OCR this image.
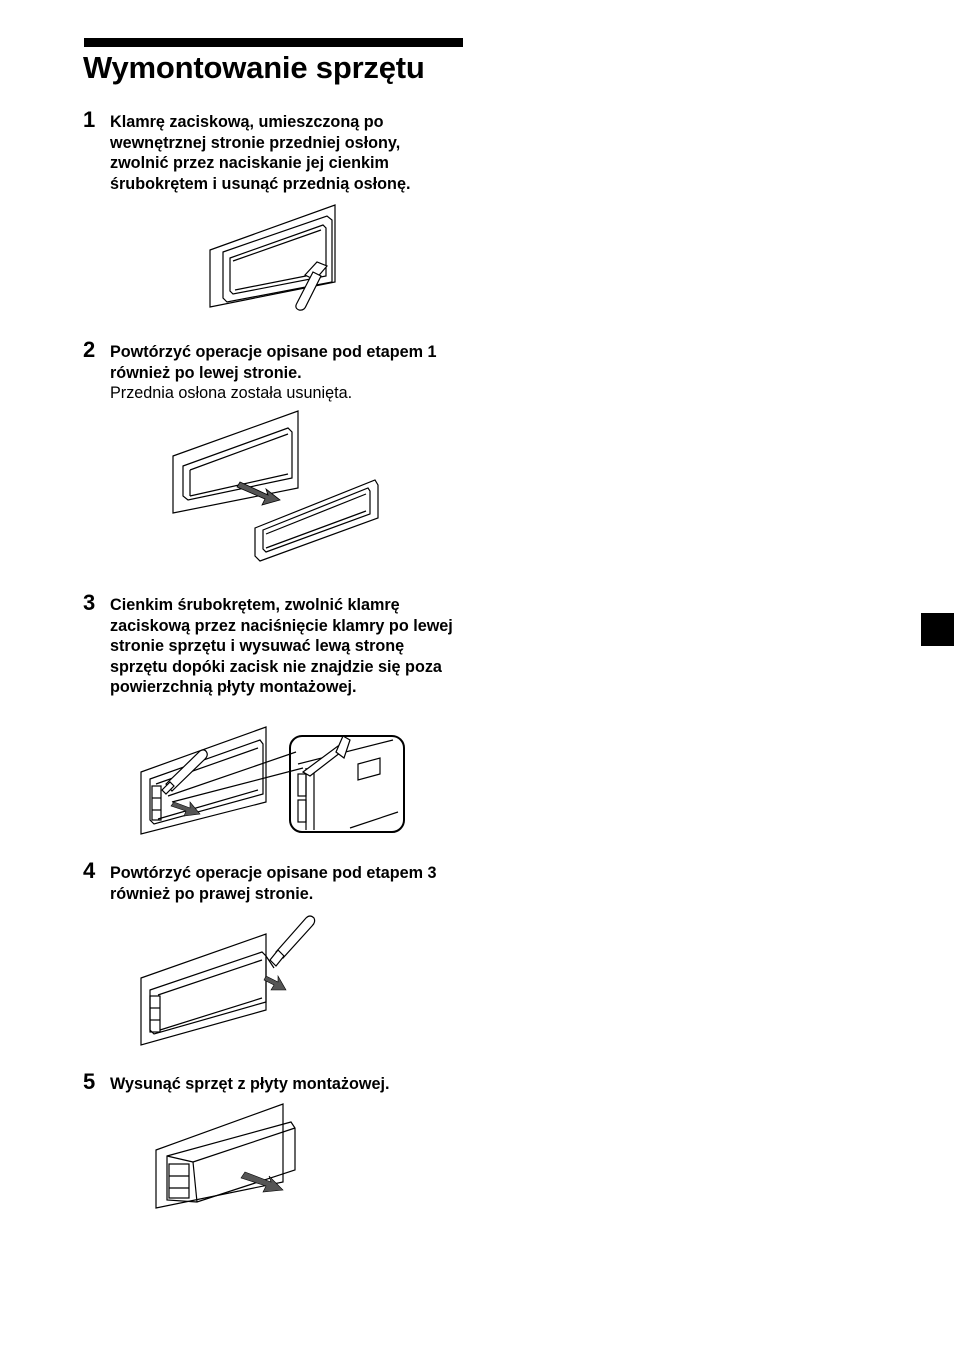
Wymontowanie sprzętu
1 Klamrę zaciskową, umieszczoną po wewnętrznej stronie przedniej osłony, zwolnić przez naciskanie jej cienkim śrubokrętem i usunąć przednią osłonę.
2 Powtórzyć operacje opisane pod etapem 1 również po lewej stronie.
Przednia osłona została usunięta.
3 Cienkim śrubokrętem, zwolnić klamrę zaciskową przez naciśnięcie klamry po lewej stronie sprzętu i wysuwać lewą stronę sprzętu dopóki zacisk nie znajdzie się poza powierzchnią płyty montażowej.
4 Powtórzyć operacje opisane pod etapem 3 również po prawej stronie.
5 Wysunąć sprzęt z płyty montażowej.
